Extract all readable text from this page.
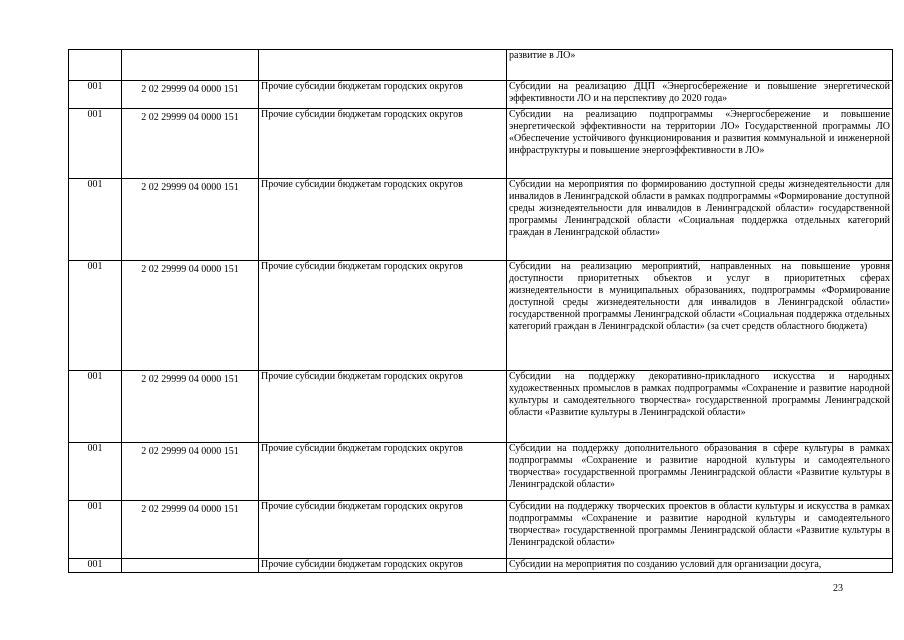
		развитие в ЛО»
001	2 02 29999 04 0000 151	Прочие субсидии бюджетам городских округов	Субсидии на реализацию ДЦП «Энергосбережение и повышение энергетической эффективности ЛО и на перспективу до 2020 года»
001	2 02 29999 04 0000 151	Прочие субсидии бюджетам городских округов	Субсидии на реализацию подпрограммы «Энергосбережение и повышение энергетической эффективности на территории ЛО» Государственной программы ЛО «Обеспечение устойчивого функционирования и развития коммунальной и инженерной инфраструктуры и повышение энергоэффективности в ЛО»
001	2 02 29999 04 0000 151	Прочие субсидии бюджетам городских округов	Субсидии на мероприятия по формированию доступной среды жизнедеятельности для инвалидов в Ленинградской области в рамках подпрограммы «Формирование доступной среды жизнедеятельности для инвалидов в Ленинградской области» государственной программы Ленинградской области «Социальная поддержка отдельных категорий граждан в Ленинградской области»
001	2 02 29999 04 0000 151	Прочие субсидии бюджетам городских округов	Субсидии на реализацию мероприятий, направленных на повышение уровня доступности приоритетных объектов и услуг в приоритетных сферах жизнедеятельности в муниципальных образованиях, подпрограммы «Формирование доступной среды жизнедеятельности для инвалидов в Ленинградской области» государственной программы Ленинградской области «Социальная поддержка отдельных категорий граждан в Ленинградской области» (за счет средств областного бюджета)
001	2 02 29999 04 0000 151	Прочие субсидии бюджетам городских округов	Субсидии на поддержку декоративно-прикладного искусства и народных художественных промыслов в рамках подпрограммы «Сохранение и развитие народной культуры и самодеятельного творчества» государственной программы Ленинградской области «Развитие культуры в Ленинградской области»
001	2 02 29999 04 0000 151	Прочие субсидии бюджетам городских округов	Субсидии на поддержку дополнительного образования в сфере культуры в рамках подпрограммы «Сохранение и развитие народной культуры и самодеятельного творчества» государственной программы Ленинградской области «Развитие культуры в Ленинградской области»
001	2 02 29999 04 0000 151	Прочие субсидии бюджетам городских округов	Субсидии на поддержку творческих проектов в области культуры и искусства в рамках подпрограммы «Сохранение и развитие народной культуры и самодеятельного творчества» государственной программы Ленинградской области «Развитие культуры в Ленинградской области»
001		Прочие субсидии бюджетам городских округов	Субсидии на мероприятия по созданию условий для организации досуга,
23
